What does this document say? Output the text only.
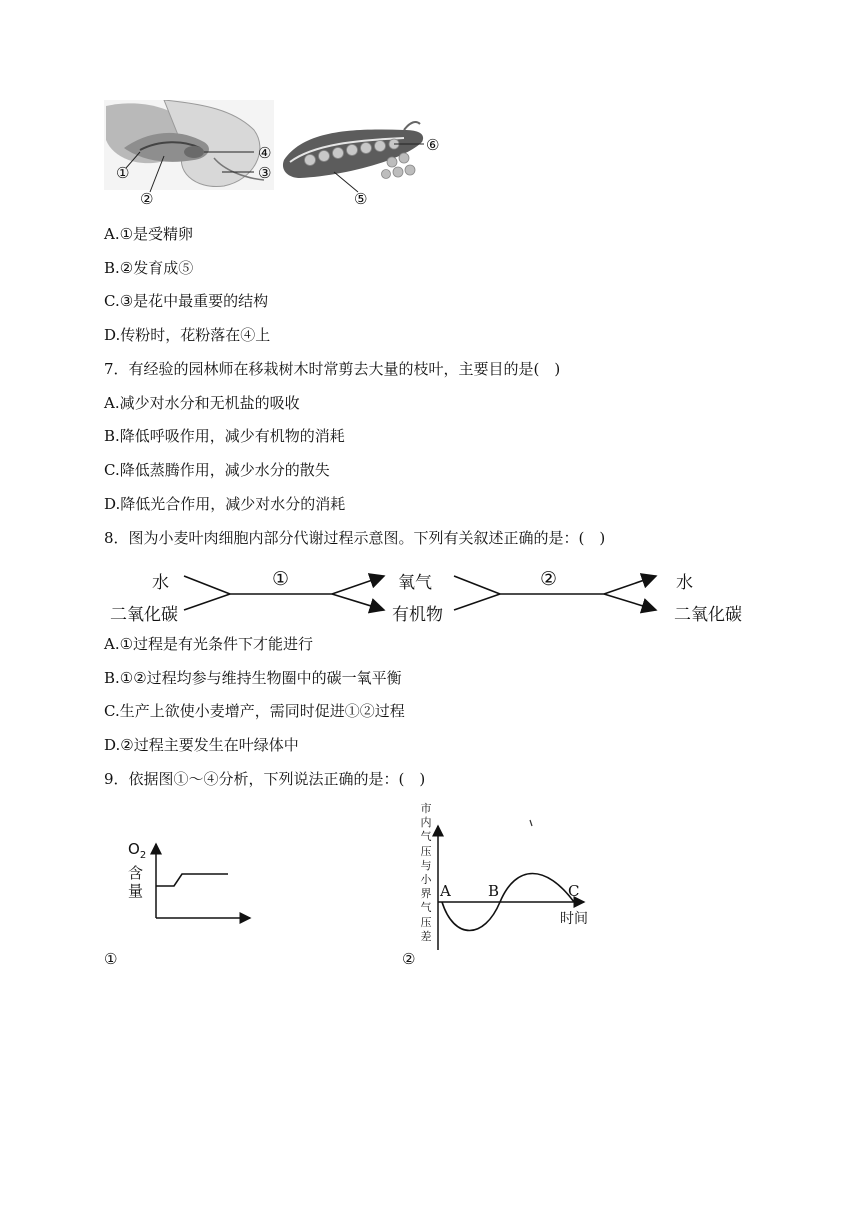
①
②
③
④
⑤
⑥
A.①是受精卵
B.②发育成⑤
C.③是花中最重要的结构
D.传粉时，花粉落在④上
7．有经验的园林师在移栽树木时常剪去大量的枝叶，主要目的是(　)
A.减少对水分和无机盐的吸收
B.降低呼吸作用，减少有机物的消耗
C.降低蒸腾作用，减少水分的散失
D.降低光合作用，减少对水分的消耗
8．图为小麦叶肉细胞内部分代谢过程示意图。下列有关叙述正确的是：(　)
水
二氧化碳
①	氧气
有机物
②	水
二氧化碳
A.①过程是有光条件下才能进行
B.①②过程均参与维持生物圈中的碳一氧平衡
C.生产上欲使小麦增产，需同时促进①②过程
D.②过程主要发生在叶绿体中
9．依据图①～④分析，下列说法正确的是：(　)
$O_2$
含
量
①
市
内
气
压
与
小
界
气
压
差
A B	C
时间
②
